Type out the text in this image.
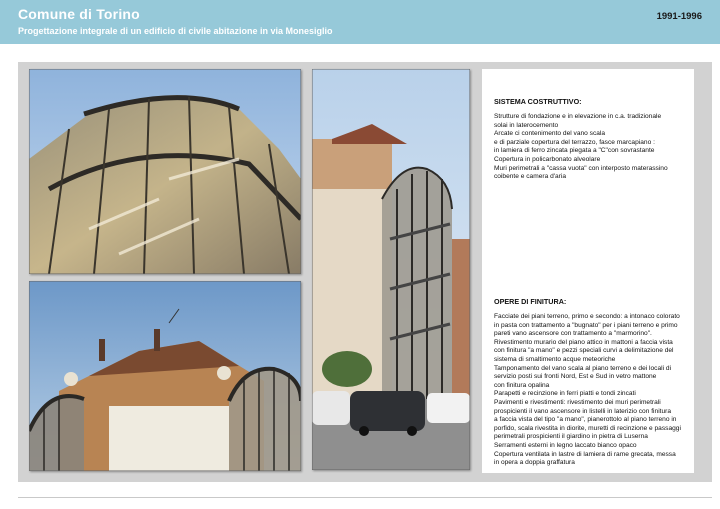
Comune di Torino
Progettazione integrale di un edificio di civile abitazione in via Monesiglio
1991-1996
SISTEMA COSTRUTTIVO:
Strutture di fondazione e in elevazione in c.a. tradizionale
solai in laterocemento
Arcate ci contenimento del vano scala
e di parziale copertura del terrazzo, fasce marcapiano :
in lamiera di ferro zincata piegata a "C"con sovrastante
Copertura in policarbonato alveolare
Muri perimetrali a "cassa vuota" con interposto materassino
coibente e camera d'aria
OPERE DI FINITURA:
Facciate dei piani terreno, primo e secondo: a intonaco colorato
in pasta con trattamento a "bugnato" per i piani terreno e primo
pareti vano ascensore con trattamento a "marmorino".
Rivestimento murario del piano attico in mattoni a faccia vista
con finitura "a mano" e pezzi speciali curvi a delimitazione del
sistema di smaltimento acque meteoriche
Tamponamento del vano scala al piano terreno e dei locali di
servizio posti sui fronti Nord, Est e Sud in vetro mattone
con finitura opalina
Parapetti e recinzione in ferri piatti e tondi zincati
Pavimenti e rivestimenti: rivestimento dei muri perimetrali
prospicienti il vano ascensore in listelli in laterizio con finitura
a faccia vista del tipo "a mano", pianerottolo al piano terreno in
porfido, scala rivestita in diorite, muretti di recinzione e passaggi
perimetrali prospicienti il giardino in pietra di Luserna
Serramenti esterni in legno laccato bianco opaco
Copertura ventilata in lastre di lamiera di rame grecata, messa
in opera a doppia graffatura
